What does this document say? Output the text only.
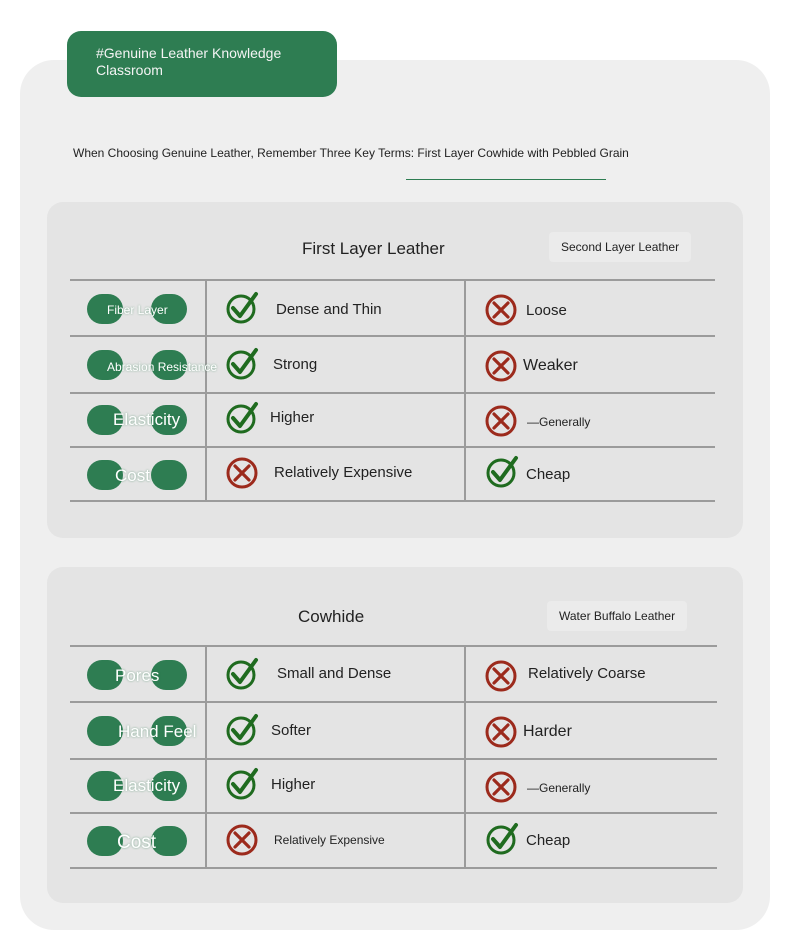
#Genuine Leather Knowledge
Classroom
When Choosing Genuine Leather, Remember Three Key Terms: First Layer Cowhide with Pebbled Grain
First Layer Leather	Second Layer Leather
Fiber Layer	Dense and Thin	Loose
Abrasion Resistance	Strong	Weaker
Elasticity	Higher	—Generally
Cost	Relatively Expensive	Cheap
Cowhide	Water Buffalo Leather
Pores	Small and Dense	Relatively Coarse
Hand Feel	Softer	Harder
Elasticity	Higher	—Generally
Cost	Relatively Expensive	Cheap
